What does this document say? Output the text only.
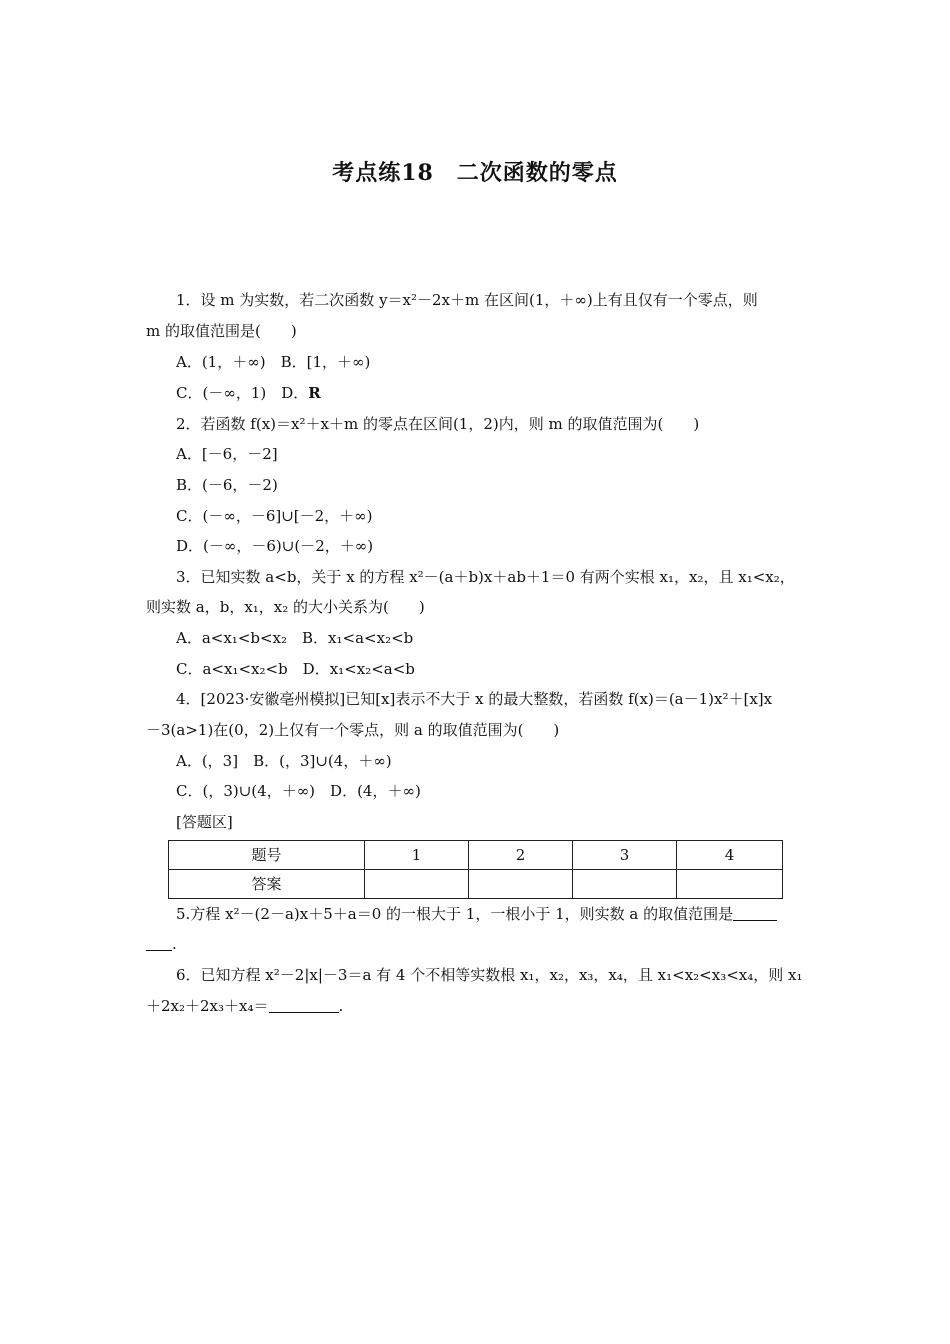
考点练18　二次函数的零点
1．设 m 为实数，若二次函数 y＝x²－2x＋m 在区间(1，＋∞)上有且仅有一个零点，则
m 的取值范围是(　　)
A．(1，＋∞)　B．[1，＋∞)
C．(－∞，1)　D．R
2．若函数 f(x)＝x²＋x＋m 的零点在区间(1，2)内，则 m 的取值范围为(　　)
A．[－6，－2]
B．(－6，－2)
C．(－∞，－6]∪[－2，＋∞)
D．(－∞，－6)∪(－2，＋∞)
3．已知实数 a<b，关于 x 的方程 x²－(a＋b)x＋ab＋1＝0 有两个实根 x₁，x₂，且 x₁<x₂，
则实数 a，b，x₁，x₂ 的大小关系为(　　)
A．a<x₁<b<x₂　B．x₁<a<x₂<b
C．a<x₁<x₂<b　D．x₁<x₂<a<b
4．[2023·安徽亳州模拟]已知[x]表示不大于 x 的最大整数，若函数 f(x)＝(a－1)x²＋[x]x
－3(a>1)在(0，2)上仅有一个零点，则 a 的取值范围为(　　)
A．(，3]　B．(，3]∪(4，＋∞)
C．(，3)∪(4，＋∞)　D．(4，＋∞)
[答题区]
题号	1	2	3	4
答案				
5.方程 x²－(2－a)x＋5＋a＝0 的一根大于 1，一根小于 1，则实数 a 的取值范围是
.
6．已知方程 x²－2|x|－3＝a 有 4 个不相等实数根 x₁，x₂，x₃，x₄，且 x₁<x₂<x₃<x₄，则 x₁
＋2x₂＋2x₃＋x₄＝	.
